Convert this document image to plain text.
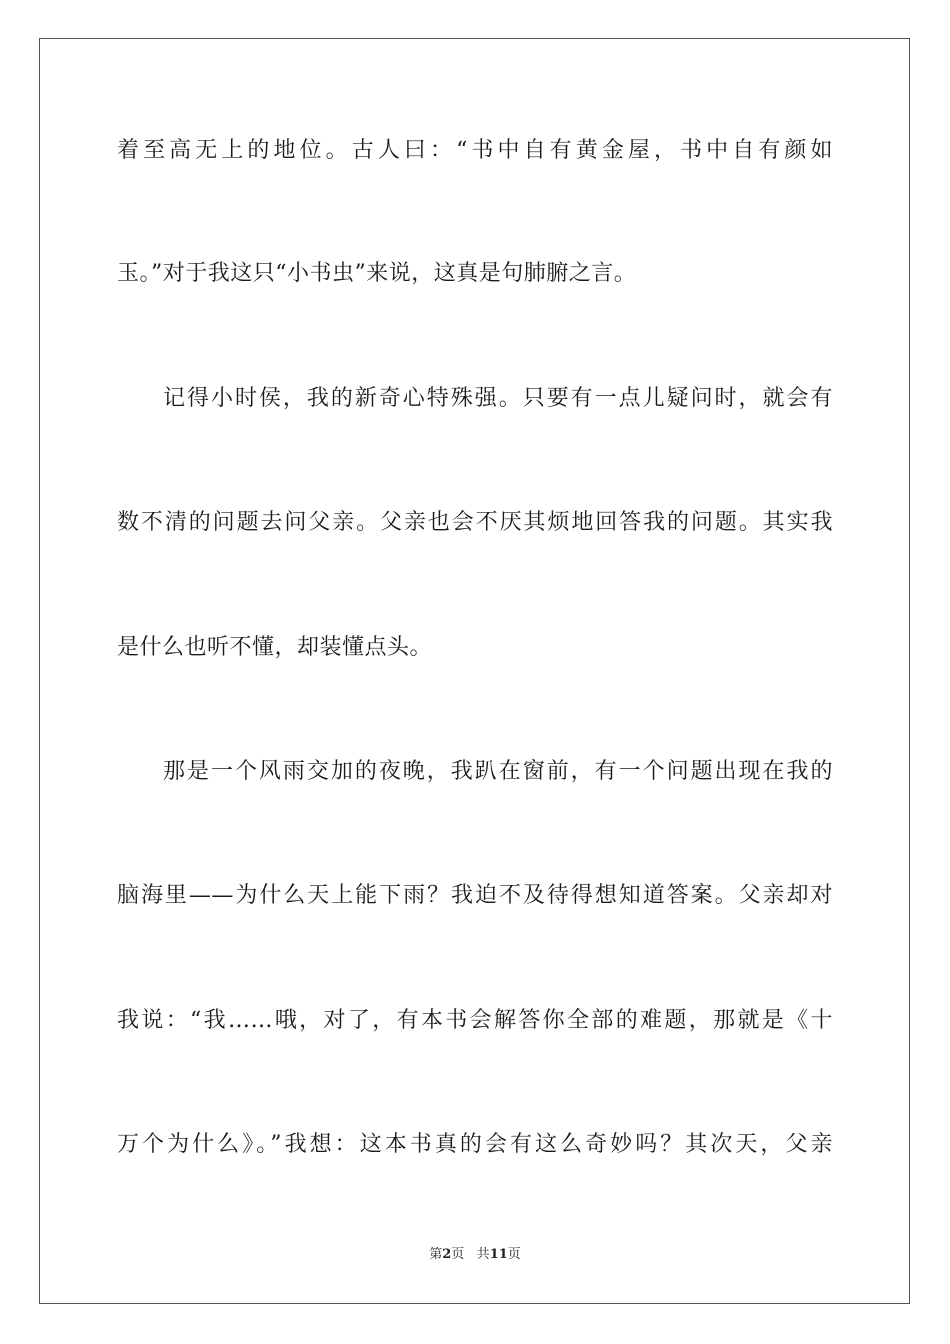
着至高无上的地位。古人曰：“书中自有黄金屋，书中自有颜如
玉。”对于我这只“小书虫”来说，这真是句肺腑之言。
记得小时侯，我的新奇心特殊强。只要有一点儿疑问时，就会有
数不清的问题去问父亲。父亲也会不厌其烦地回答我的问题。其实我
是什么也听不懂，却装懂点头。
那是一个风雨交加的夜晚，我趴在窗前，有一个问题出现在我的
脑海里——为什么天上能下雨？我迫不及待得想知道答案。父亲却对
我说：“我……哦，对了，有本书会解答你全部的难题，那就是《十
万个为什么》。”我想：这本书真的会有这么奇妙吗？其次天，父亲
第2页 共11页
